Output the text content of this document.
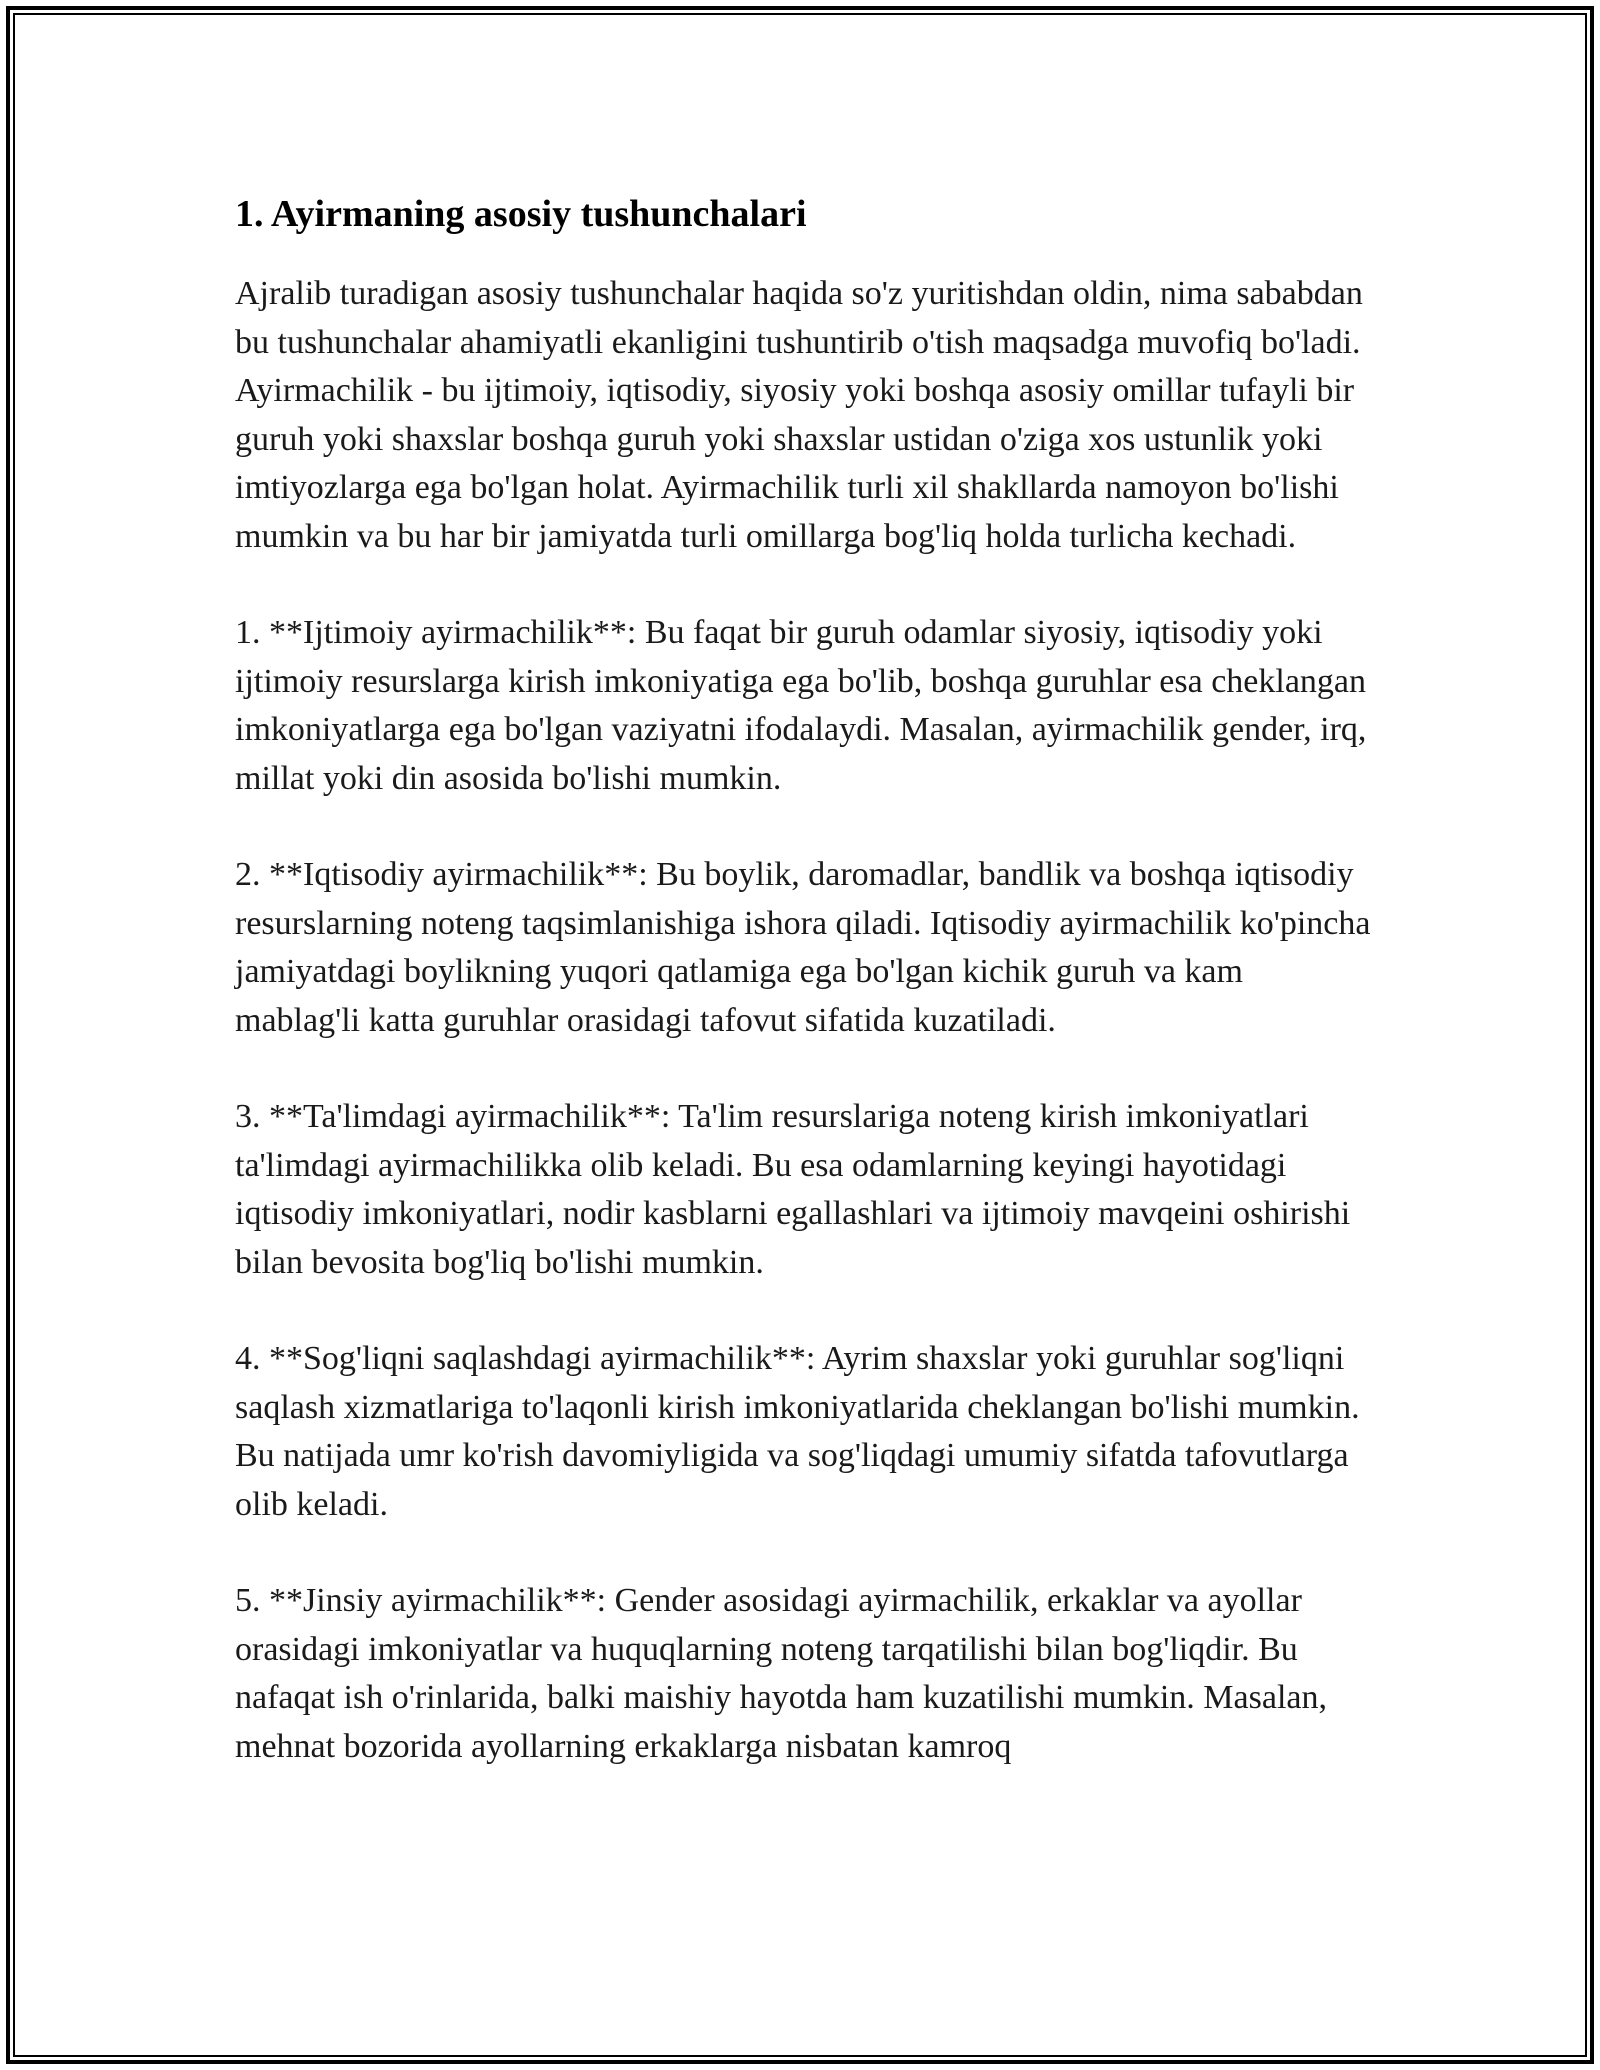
1. Ayirmaning asosiy tushunchalari

Ajralib turadigan asosiy tushunchalar haqida so'z yuritishdan oldin, nima sababdan bu tushunchalar ahamiyatli ekanligini tushuntirib o'tish maqsadga muvofiq bo'ladi. Ayirmachilik - bu ijtimoiy, iqtisodiy, siyosiy yoki boshqa asosiy omillar tufayli bir guruh yoki shaxslar boshqa guruh yoki shaxslar ustidan o'ziga xos ustunlik yoki imtiyozlarga ega bo'lgan holat. Ayirmachilik turli xil shakllarda namoyon bo'lishi mumkin va bu har bir jamiyatda turli omillarga bog'liq holda turlicha kechadi.

1. **Ijtimoiy ayirmachilik**: Bu faqat bir guruh odamlar siyosiy, iqtisodiy yoki ijtimoiy resurslarga kirish imkoniyatiga ega bo'lib, boshqa guruhlar esa cheklangan imkoniyatlarga ega bo'lgan vaziyatni ifodalaydi. Masalan, ayirmachilik gender, irq, millat yoki din asosida bo'lishi mumkin.

2. **Iqtisodiy ayirmachilik**: Bu boylik, daromadlar, bandlik va boshqa iqtisodiy resurslarning noteng taqsimlanishiga ishora qiladi. Iqtisodiy ayirmachilik ko'pincha jamiyatdagi boylikning yuqori qatlamiga ega bo'lgan kichik guruh va kam mablag'li katta guruhlar orasidagi tafovut sifatida kuzatiladi.

3. **Ta'limdagi ayirmachilik**: Ta'lim resurslariga noteng kirish imkoniyatlari ta'limdagi ayirmachilikka olib keladi. Bu esa odamlarning keyingi hayotidagi iqtisodiy imkoniyatlari, nodir kasblarni egallashlari va ijtimoiy mavqeini oshirishi bilan bevosita bog'liq bo'lishi mumkin.

4. **Sog'liqni saqlashdagi ayirmachilik**: Ayrim shaxslar yoki guruhlar sog'liqni saqlash xizmatlariga to'laqonli kirish imkoniyatlarida cheklangan bo'lishi mumkin. Bu natijada umr ko'rish davomiyligida va sog'liqdagi umumiy sifatda tafovutlarga olib keladi.

5. **Jinsiy ayirmachilik**: Gender asosidagi ayirmachilik, erkaklar va ayollar orasidagi imkoniyatlar va huquqlarning noteng tarqatilishi bilan bog'liqdir. Bu nafaqat ish o'rinlarida, balki maishiy hayotda ham kuzatilishi mumkin. Masalan, mehnat bozorida ayollarning erkaklarga nisbatan kamroq
